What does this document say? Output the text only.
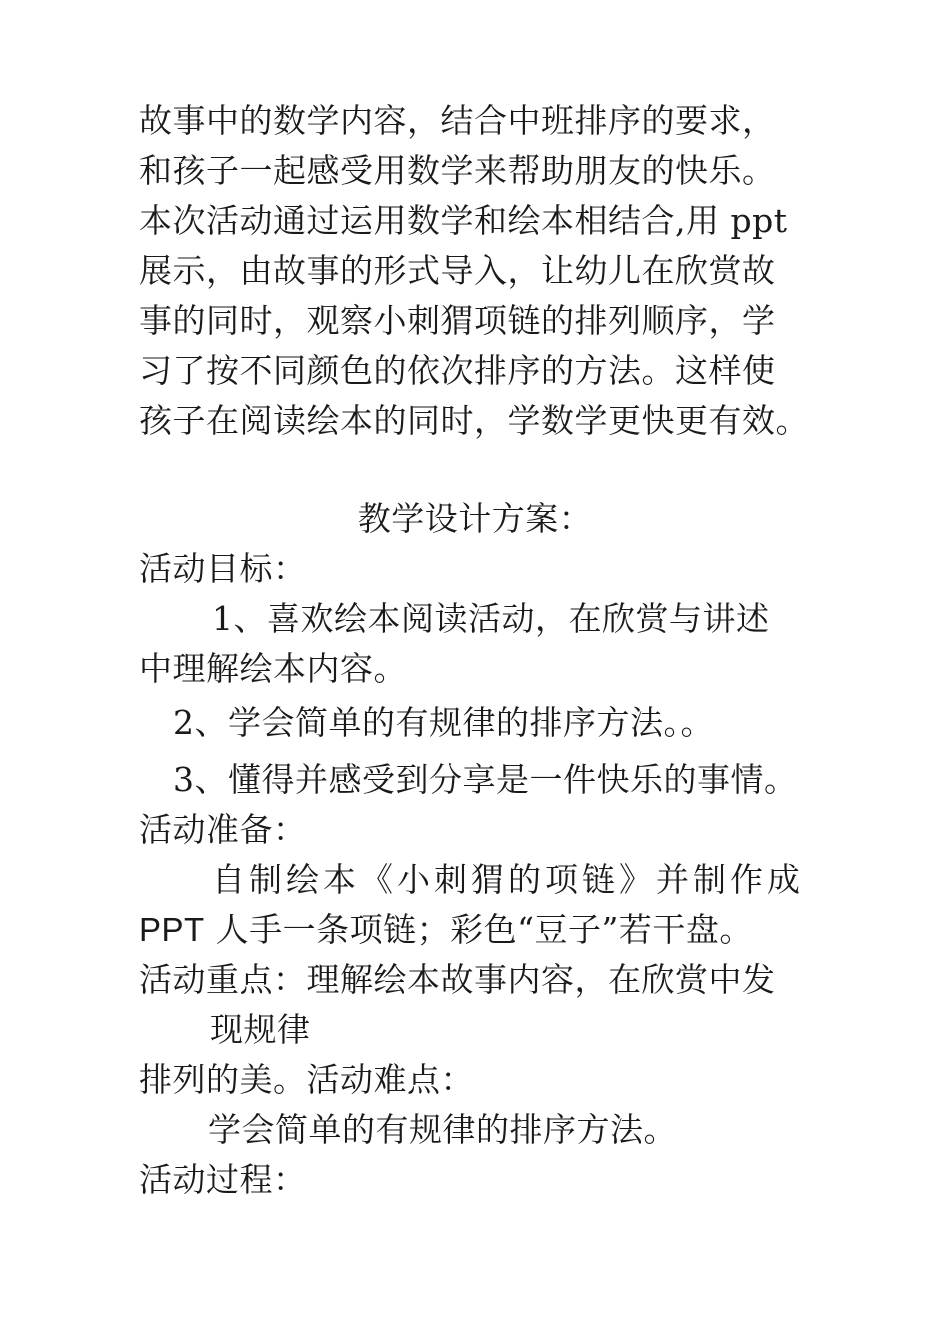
故事中的数学内容，结合中班排序的要求，
和孩子一起感受用数学来帮助朋友的快乐。
本次活动通过运用数学和绘本相结合,用 ppt
展示，由故事的形式导入，让幼儿在欣赏故
事的同时，观察小刺猬项链的排列顺序，学
习了按不同颜色的依次排序的方法。这样使
孩子在阅读绘本的同时，学数学更快更有效。
教学设计方案：
活动目标：
1、喜欢绘本阅读活动，在欣赏与讲述
中理解绘本内容。
2、学会简单的有规律的排序方法。。
3、懂得并感受到分享是一件快乐的事情。
活动准备：
自制绘本《小刺猬的项链》并制作成
PPT 人手一条项链；彩色“豆子”若干盘。
活动重点：理解绘本故事内容，在欣赏中发
现规律
排列的美。活动难点：
学会简单的有规律的排序方法。
活动过程：
